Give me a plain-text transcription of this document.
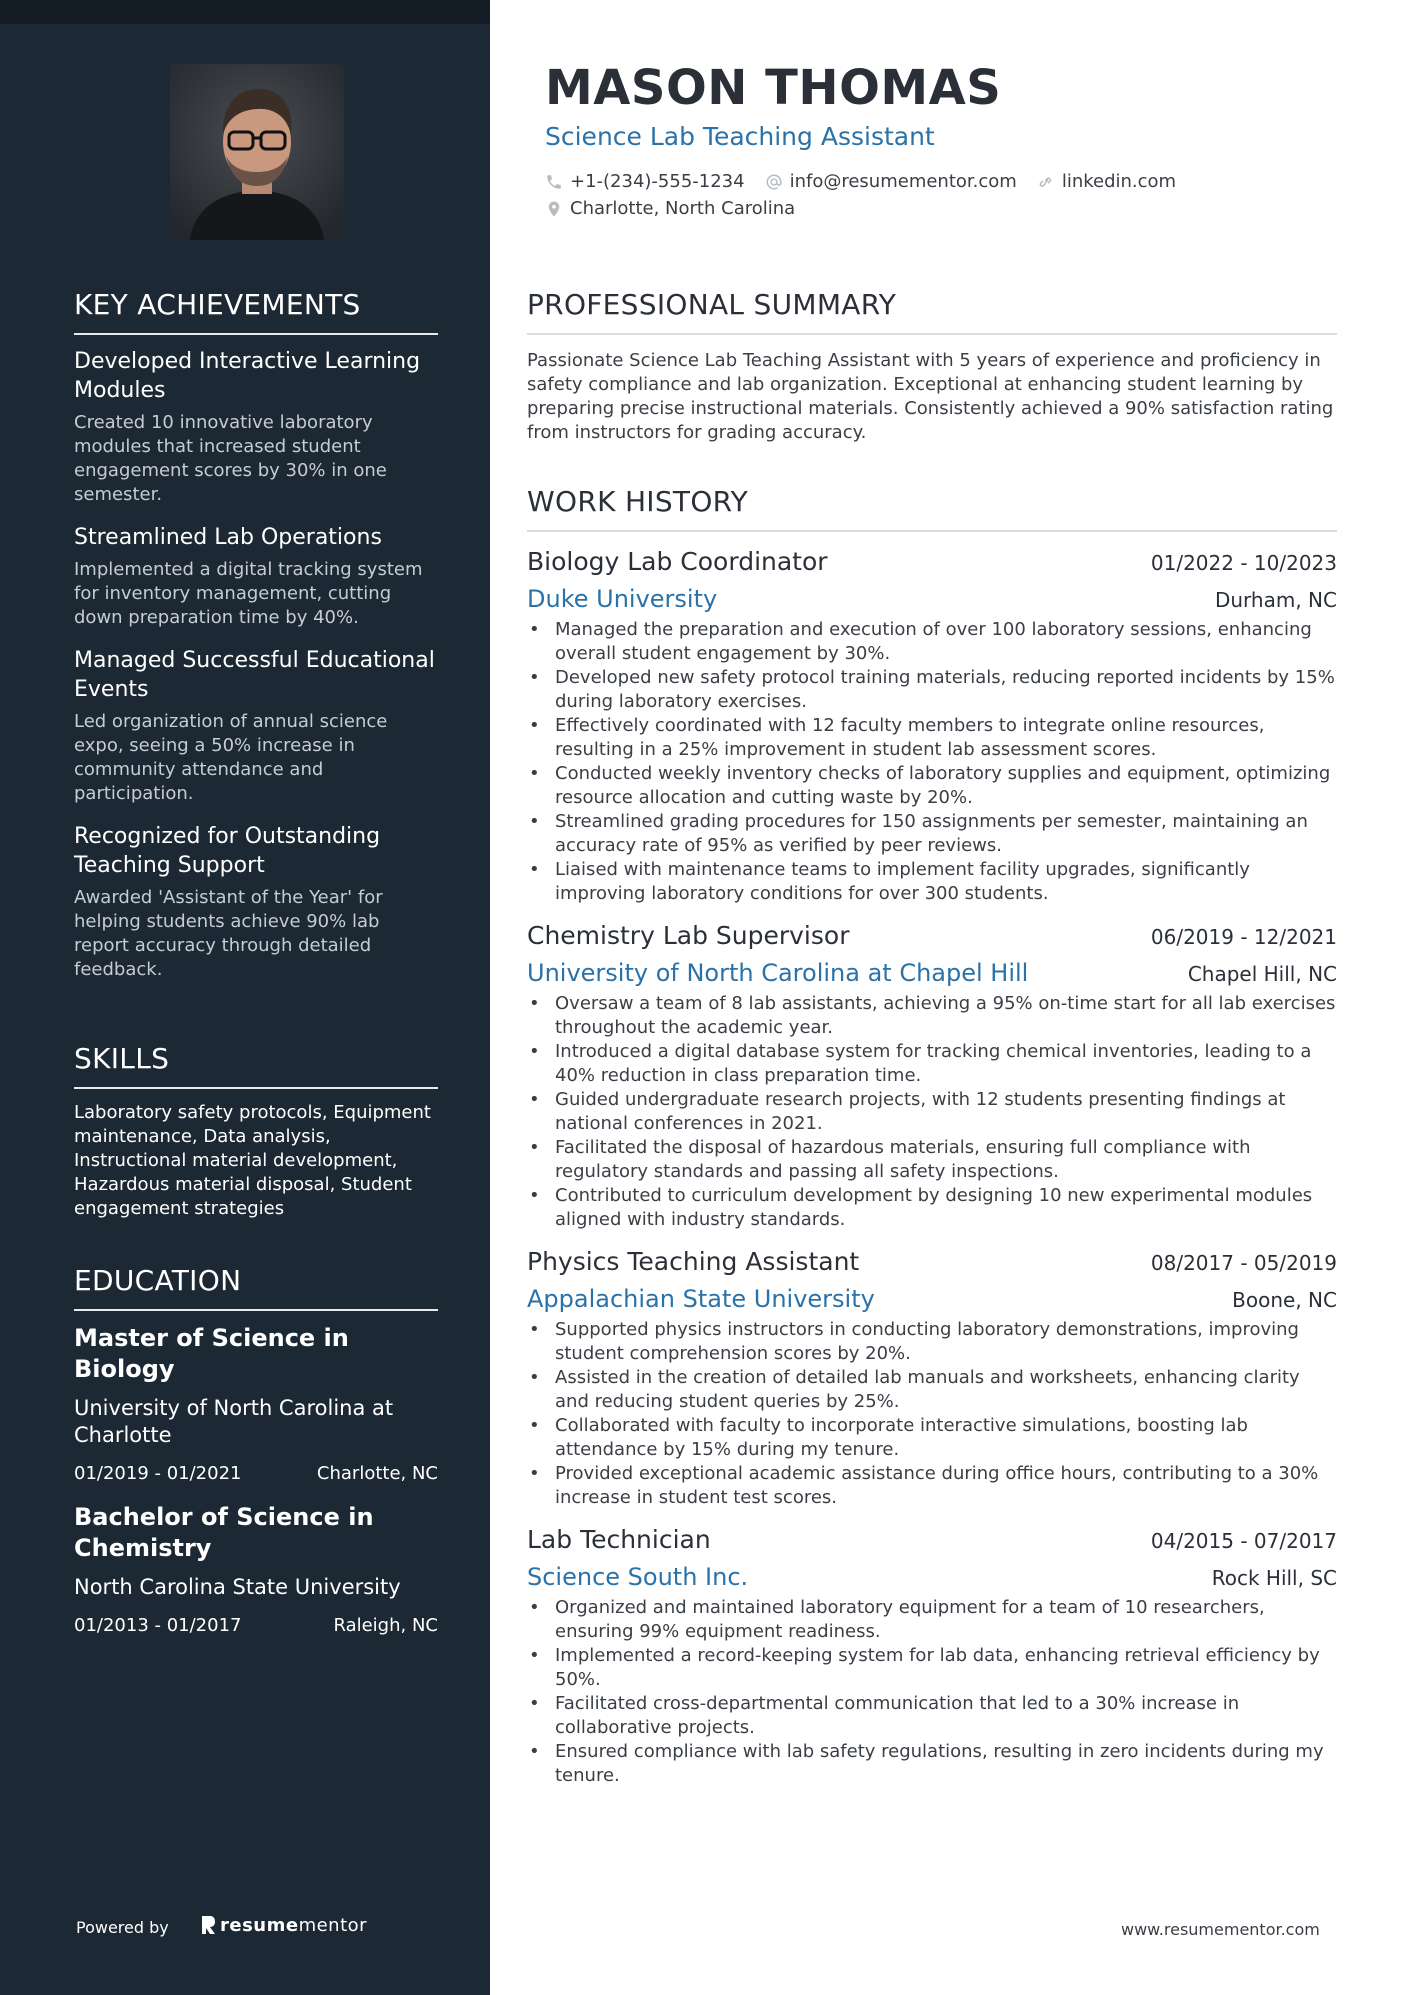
KEY ACHIEVEMENTS
Developed Interactive Learning Modules
Created 10 innovative laboratory modules that increased student engagement scores by 30% in one semester.
Streamlined Lab Operations
Implemented a digital tracking system for inventory management, cutting down preparation time by 40%.
Managed Successful Educational Events
Led organization of annual science expo, seeing a 50% increase in community attendance and participation.
Recognized for Outstanding Teaching Support
Awarded 'Assistant of the Year' for helping students achieve 90% lab report accuracy through detailed feedback.
SKILLS
Laboratory safety protocols, Equipment maintenance, Data analysis, Instructional material development, Hazardous material disposal, Student engagement strategies
EDUCATION
Master of Science in Biology
University of North Carolina at Charlotte
01/2019 - 01/2021	Charlotte, NC
Bachelor of Science in Chemistry
North Carolina State University
01/2013 - 01/2017	Raleigh, NC
Powered by	resume mentor
MASON THOMAS
Science Lab Teaching Assistant
+1-(234)-555-1234	info@resumementor.com	linkedin.com
Charlotte, North Carolina
PROFESSIONAL SUMMARY
Passionate Science Lab Teaching Assistant with 5 years of experience and proficiency in safety compliance and lab organization. Exceptional at enhancing student learning by preparing precise instructional materials. Consistently achieved a 90% satisfaction rating from instructors for grading accuracy.
WORK HISTORY
Biology Lab Coordinator	01/2022 - 10/2023
Duke University	Durham, NC
• Managed the preparation and execution of over 100 laboratory sessions, enhancing overall student engagement by 30%.
• Developed new safety protocol training materials, reducing reported incidents by 15% during laboratory exercises.
• Effectively coordinated with 12 faculty members to integrate online resources, resulting in a 25% improvement in student lab assessment scores.
• Conducted weekly inventory checks of laboratory supplies and equipment, optimizing resource allocation and cutting waste by 20%.
• Streamlined grading procedures for 150 assignments per semester, maintaining an accuracy rate of 95% as verified by peer reviews.
• Liaised with maintenance teams to implement facility upgrades, significantly improving laboratory conditions for over 300 students.
Chemistry Lab Supervisor	06/2019 - 12/2021
University of North Carolina at Chapel Hill	Chapel Hill, NC
• Oversaw a team of 8 lab assistants, achieving a 95% on-time start for all lab exercises throughout the academic year.
• Introduced a digital database system for tracking chemical inventories, leading to a 40% reduction in class preparation time.
• Guided undergraduate research projects, with 12 students presenting findings at national conferences in 2021.
• Facilitated the disposal of hazardous materials, ensuring full compliance with regulatory standards and passing all safety inspections.
• Contributed to curriculum development by designing 10 new experimental modules aligned with industry standards.
Physics Teaching Assistant	08/2017 - 05/2019
Appalachian State University	Boone, NC
• Supported physics instructors in conducting laboratory demonstrations, improving student comprehension scores by 20%.
• Assisted in the creation of detailed lab manuals and worksheets, enhancing clarity and reducing student queries by 25%.
• Collaborated with faculty to incorporate interactive simulations, boosting lab attendance by 15% during my tenure.
• Provided exceptional academic assistance during office hours, contributing to a 30% increase in student test scores.
Lab Technician	04/2015 - 07/2017
Science South Inc.	Rock Hill, SC
• Organized and maintained laboratory equipment for a team of 10 researchers, ensuring 99% equipment readiness.
• Implemented a record-keeping system for lab data, enhancing retrieval efficiency by 50%.
• Facilitated cross-departmental communication that led to a 30% increase in collaborative projects.
• Ensured compliance with lab safety regulations, resulting in zero incidents during my tenure.
www.resumementor.com
